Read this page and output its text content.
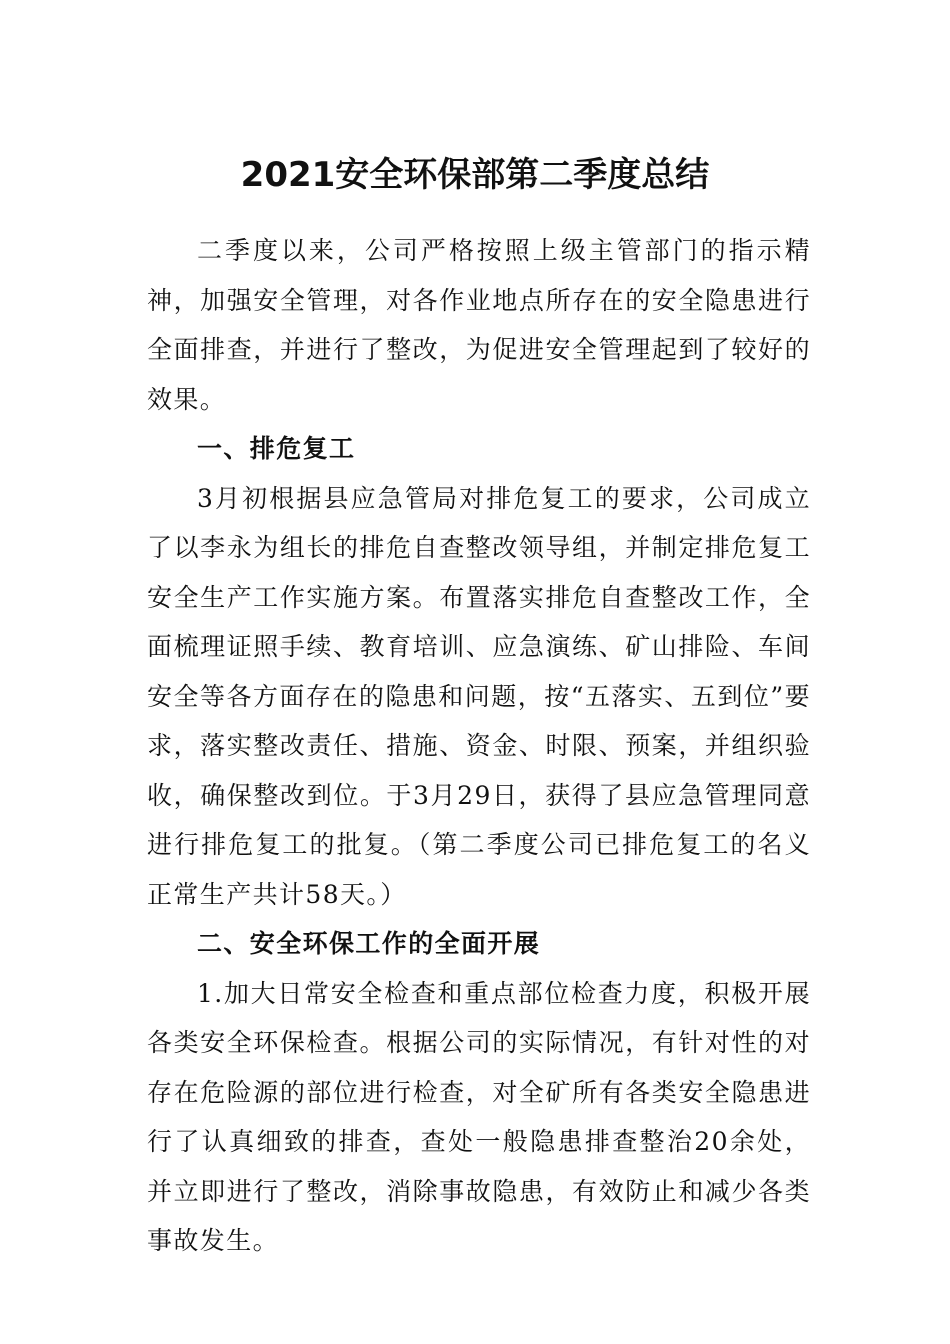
2021安全环保部第二季度总结

二季度以来，公司严格按照上级主管部门的指示精神，加强安全管理，对各作业地点所存在的安全隐患进行全面排查，并进行了整改，为促进安全管理起到了较好的效果。

一、排危复工

3月初根据县应急管局对排危复工的要求，公司成立了以李永为组长的排危自查整改领导组，并制定排危复工安全生产工作实施方案。布置落实排危自查整改工作，全面梳理证照手续、教育培训、应急演练、矿山排险、车间安全等各方面存在的隐患和问题，按“五落实、五到位”要求，落实整改责任、措施、资金、时限、预案，并组织验收，确保整改到位。于3月29日，获得了县应急管理同意进行排危复工的批复。（第二季度公司已排危复工的名义正常生产共计58天。）

二、安全环保工作的全面开展

1.加大日常安全检查和重点部位检查力度，积极开展各类安全环保检查。根据公司的实际情况，有针对性的对存在危险源的部位进行检查，对全矿所有各类安全隐患进行了认真细致的排查，查处一般隐患排查整治20余处，并立即进行了整改，消除事故隐患，有效防止和减少各类事故发生。
